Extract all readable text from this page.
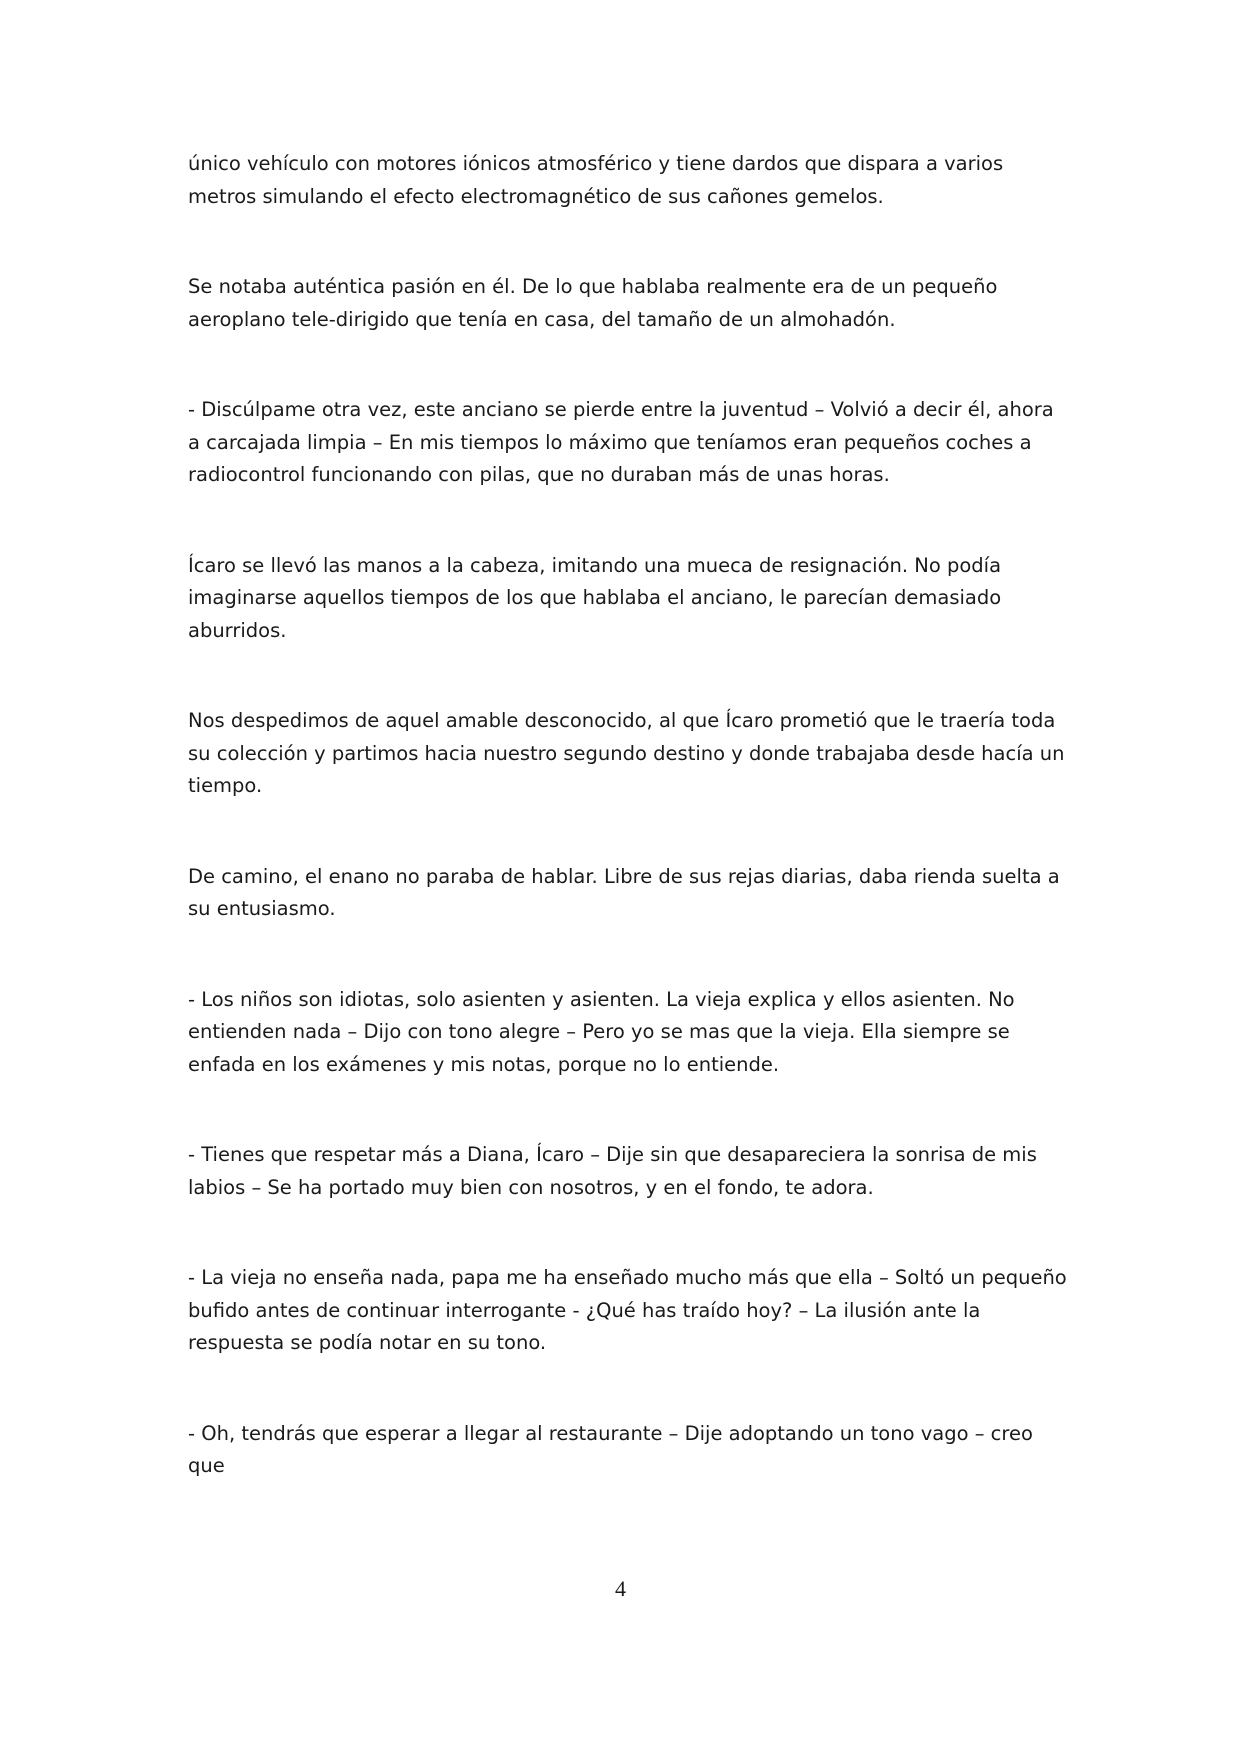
único vehículo con motores iónicos atmosférico y tiene dardos que dispara a varios metros simulando el efecto electromagnético de sus cañones gemelos.

Se notaba auténtica pasión en él. De lo que hablaba realmente era de un pequeño aeroplano tele-dirigido que tenía en casa, del tamaño de un almohadón.

- Discúlpame otra vez, este anciano se pierde entre la juventud – Volvió a decir él, ahora a carcajada limpia – En mis tiempos lo máximo que teníamos eran pequeños coches a radiocontrol funcionando con pilas, que no duraban más de unas horas.

Ícaro se llevó las manos a la cabeza, imitando una mueca de resignación. No podía imaginarse aquellos tiempos de los que hablaba el anciano, le parecían demasiado aburridos.

Nos despedimos de aquel amable desconocido, al que Ícaro prometió que le traería toda su colección y partimos hacia nuestro segundo destino y donde trabajaba desde hacía un tiempo.

De camino, el enano no paraba de hablar. Libre de sus rejas diarias, daba rienda suelta a su entusiasmo.

- Los niños son idiotas, solo asienten y asienten. La vieja explica y ellos asienten. No entienden nada – Dijo con tono alegre – Pero yo se mas que la vieja. Ella siempre se enfada en los exámenes y mis notas, porque no lo entiende.

- Tienes que respetar más a Diana, Ícaro – Dije sin que desapareciera la sonrisa de mis labios – Se ha portado muy bien con nosotros, y en el fondo, te adora.

- La vieja no enseña nada, papa me ha enseñado mucho más que ella – Soltó un pequeño bufido antes de continuar interrogante - ¿Qué has traído hoy? – La ilusión ante la respuesta se podía notar en su tono.

- Oh, tendrás que esperar a llegar al restaurante – Dije adoptando un tono vago – creo que

4
